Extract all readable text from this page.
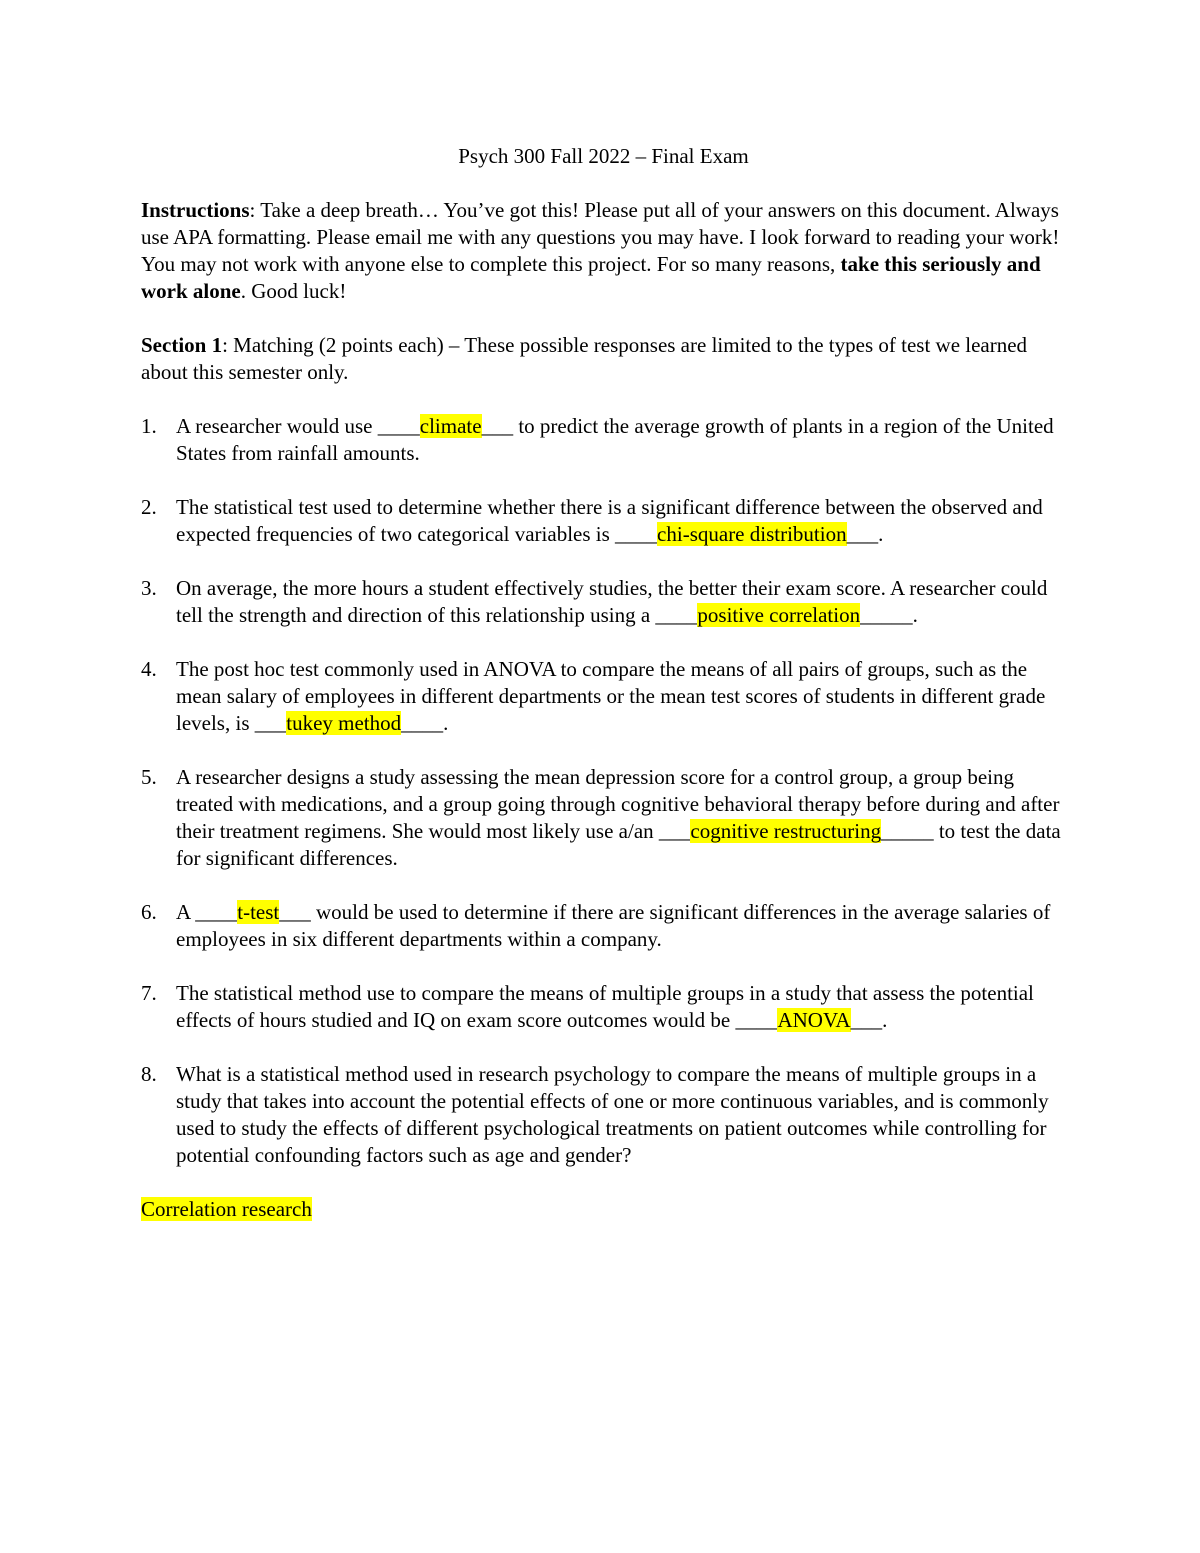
Psych 300 Fall 2022 – Final Exam
Instructions: Take a deep breath… You’ve got this! Please put all of your answers on this document. Always use APA formatting. Please email me with any questions you may have. I look forward to reading your work! You may not work with anyone else to complete this project. For so many reasons, take this seriously and work alone. Good luck!
Section 1: Matching (2 points each) – These possible responses are limited to the types of test we learned about this semester only.
1. A researcher would use ____climate___ to predict the average growth of plants in a region of the United States from rainfall amounts.
2. The statistical test used to determine whether there is a significant difference between the observed and expected frequencies of two categorical variables is ____chi-square distribution___.
3. On average, the more hours a student effectively studies, the better their exam score. A researcher could tell the strength and direction of this relationship using a ____positive correlation_____.
4. The post hoc test commonly used in ANOVA to compare the means of all pairs of groups, such as the mean salary of employees in different departments or the mean test scores of students in different grade levels, is ___tukey method____.
5. A researcher designs a study assessing the mean depression score for a control group, a group being treated with medications, and a group going through cognitive behavioral therapy before during and after their treatment regimens. She would most likely use a/an ___cognitive restructuring_____ to test the data for significant differences.
6. A ____t-test___ would be used to determine if there are significant differences in the average salaries of employees in six different departments within a company.
7. The statistical method use to compare the means of multiple groups in a study that assess the potential effects of hours studied and IQ on exam score outcomes would be ____ANOVA___.
8. What is a statistical method used in research psychology to compare the means of multiple groups in a study that takes into account the potential effects of one or more continuous variables, and is commonly used to study the effects of different psychological treatments on patient outcomes while controlling for potential confounding factors such as age and gender?
Correlation research
